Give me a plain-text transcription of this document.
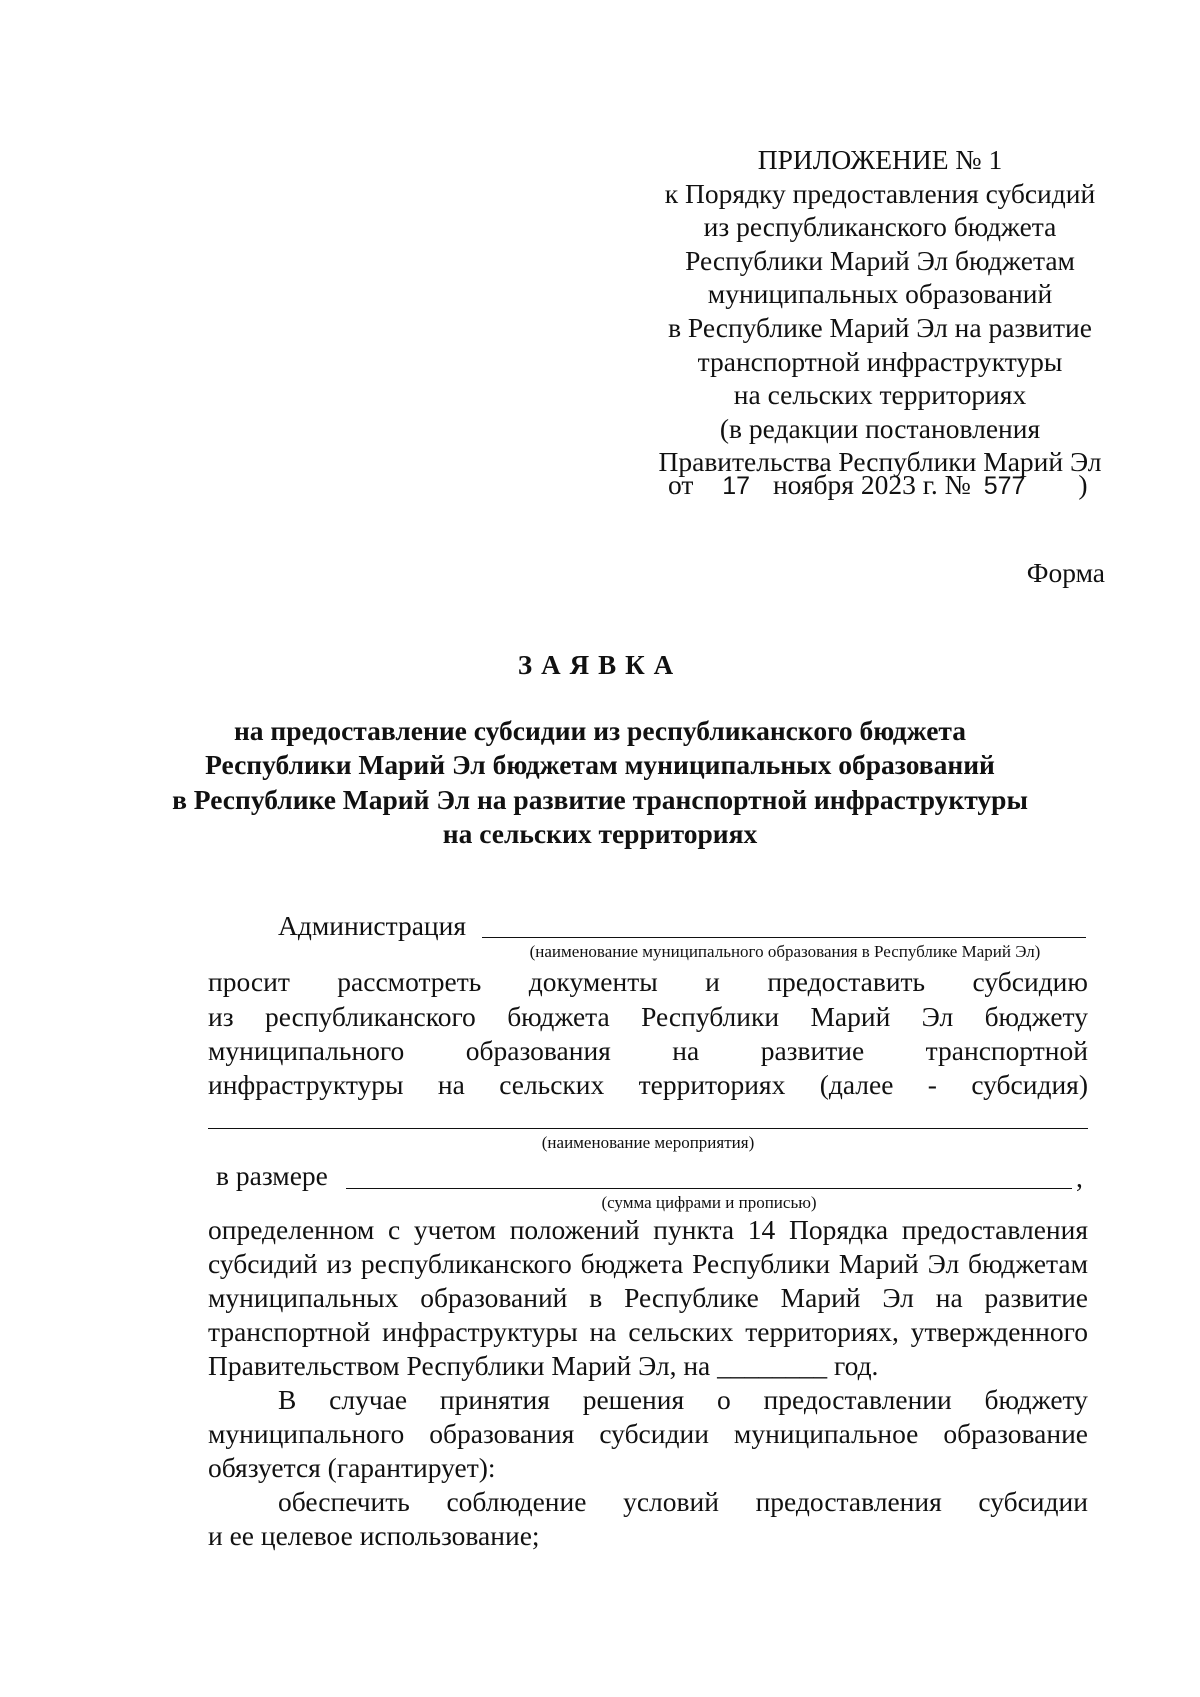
ПРИЛОЖЕНИЕ № 1
к Порядку предоставления субсидий
из республиканского бюджета
Республики Марий Эл бюджетам
муниципальных образований
в Республике Марий Эл на развитие
транспортной инфраструктуры
на сельских территориях
(в редакции постановления
Правительства Республики Марий Эл
от 17 ноября 2023 г. № 577 )
Форма
ЗАЯВКА
на предоставление субсидии из республиканского бюджета
Республики Марий Эл бюджетам муниципальных образований
в Республике Марий Эл на развитие транспортной инфраструктуры
на сельских территориях
Администрация
(наименование муниципального образования в Республике Марий Эл)
просит рассмотреть документы и предоставить субсидию
из республиканского бюджета Республики Марий Эл бюджету
муниципального образования на развитие транспортной
инфраструктуры на сельских территориях (далее - субсидия)
(наименование мероприятия)
в размере	,
(сумма цифрами и прописью)
определенном с учетом положений пункта 14 Порядка предоставления
субсидий из республиканского бюджета Республики Марий Эл бюджетам
муниципальных образований в Республике Марий Эл на развитие
транспортной инфраструктуры на сельских территориях, утвержденного
Правительством Республики Марий Эл, на ________ год.
В случае принятия решения о предоставлении бюджету
муниципального образования субсидии муниципальное образование
обязуется (гарантирует):
обеспечить соблюдение условий предоставления субсидии
и ее целевое использование;
